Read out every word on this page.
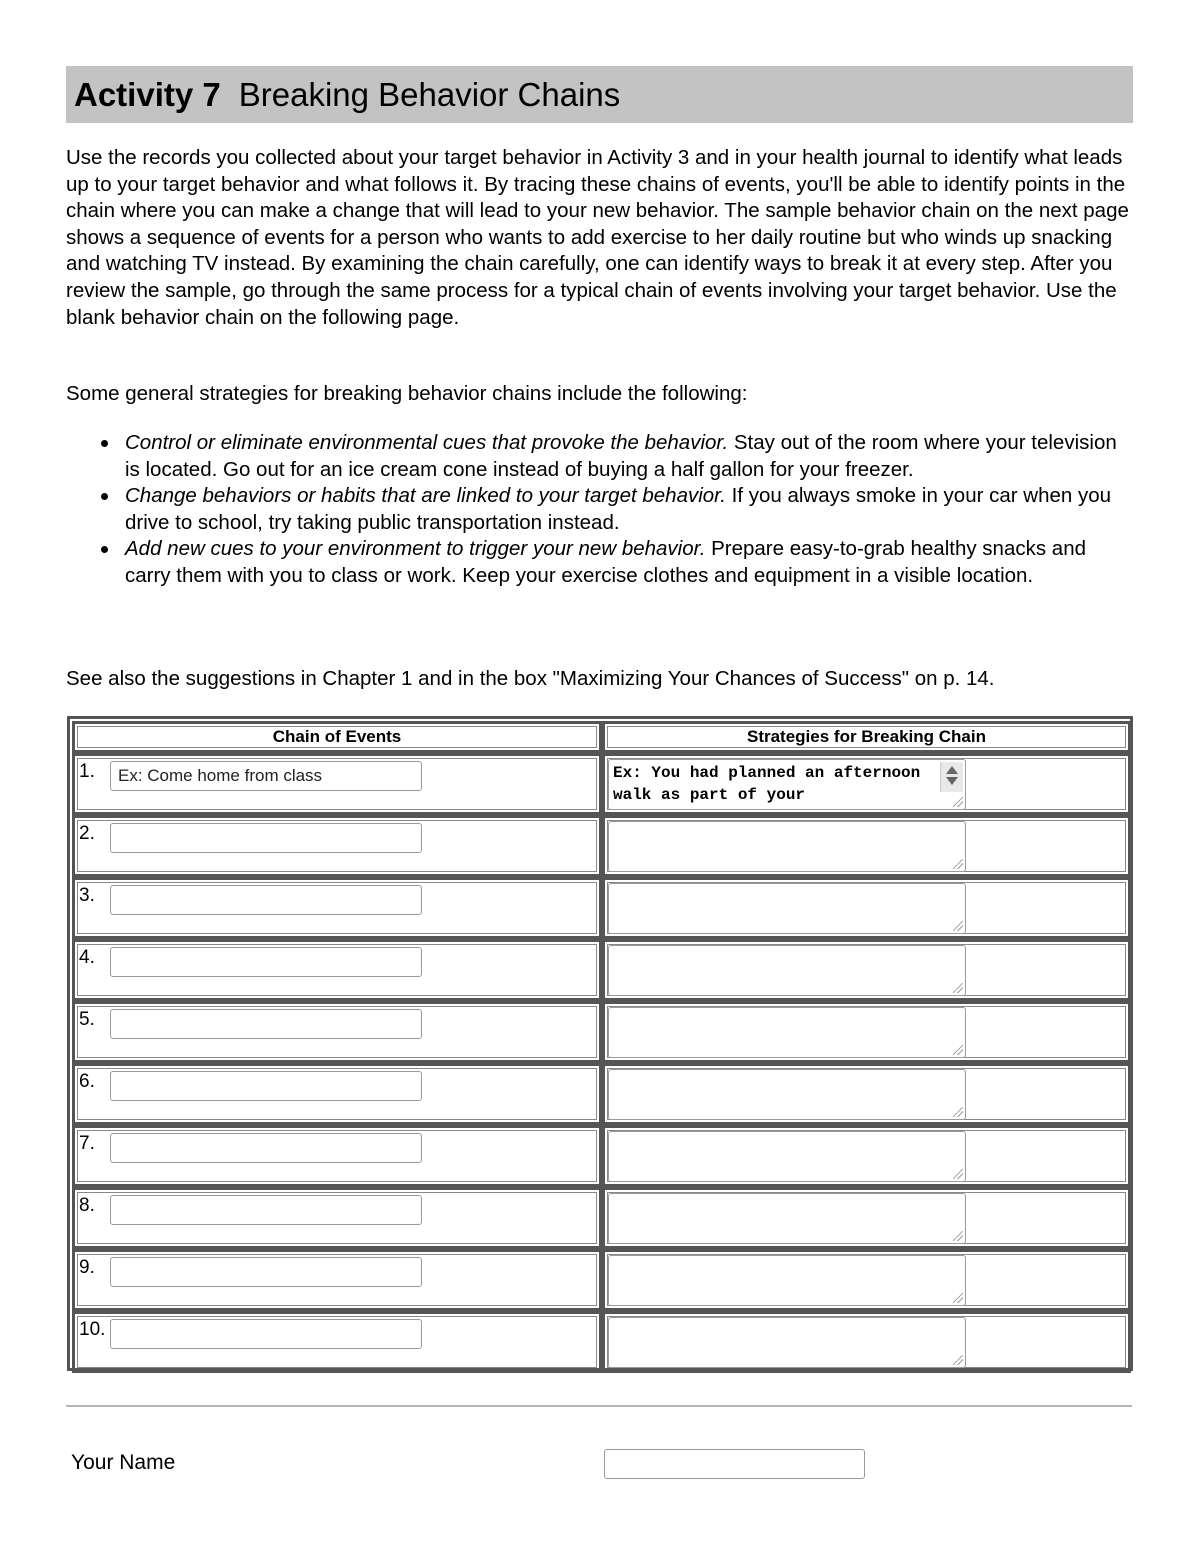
Activity 7 Breaking Behavior Chains

Use the records you collected about your target behavior in Activity 3 and in your health journal to identify what leads up to your target behavior and what follows it. By tracing these chains of events, you'll be able to identify points in the chain where you can make a change that will lead to your new behavior. The sample behavior chain on the next page shows a sequence of events for a person who wants to add exercise to her daily routine but who winds up snacking and watching TV instead. By examining the chain carefully, one can identify ways to break it at every step. After you review the sample, go through the same process for a typical chain of events involving your target behavior. Use the blank behavior chain on the following page.

Some general strategies for breaking behavior chains include the following:

Control or eliminate environmental cues that provoke the behavior. Stay out of the room where your television is located. Go out for an ice cream cone instead of buying a half gallon for your freezer.
Change behaviors or habits that are linked to your target behavior. If you always smoke in your car when you drive to school, try taking public transportation instead.
Add new cues to your environment to trigger your new behavior. Prepare easy-to-grab healthy snacks and carry them with you to class or work. Keep your exercise clothes and equipment in a visible location.

See also the suggestions in Chapter 1 and in the box "Maximizing Your Chances of Success" on p. 14.

Chain of Events	Strategies for Breaking Chain
1.	Ex: Come home from class	Ex: You had planned an afternoon walk as part of your
2.
3.
4.
5.
6.
7.
8.
9.
10.
Your Name
